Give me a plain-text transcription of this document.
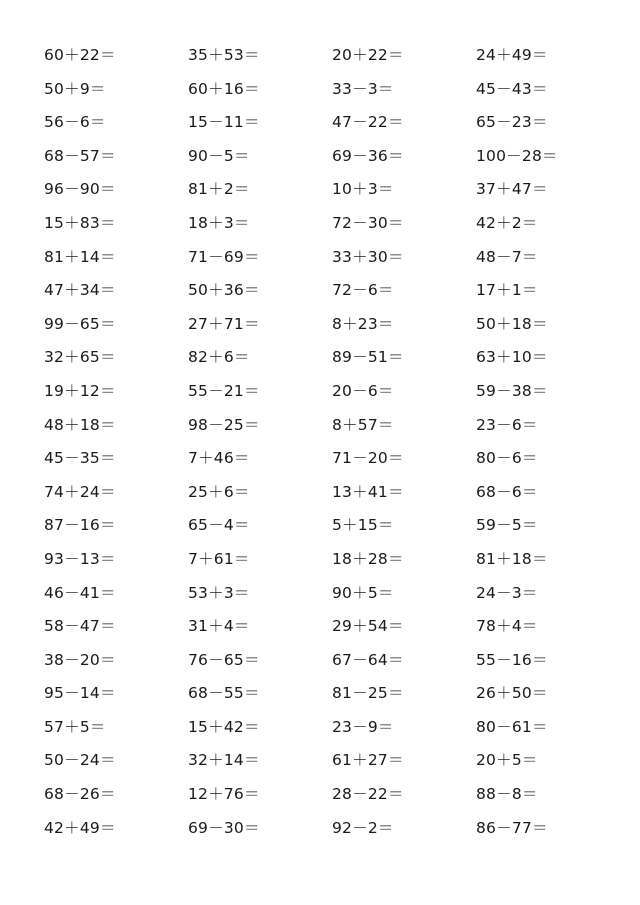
60＋22＝	35＋53＝	20＋22＝	24＋49＝
50＋9＝	60＋16＝	33－3＝	45－43＝
56－6＝	15－11＝	47－22＝	65－23＝
68－57＝	90－5＝	69－36＝	100－28＝
96－90＝	81＋2＝	10＋3＝	37＋47＝
15＋83＝	18＋3＝	72－30＝	42＋2＝
81＋14＝	71－69＝	33＋30＝	48－7＝
47＋34＝	50＋36＝	72－6＝	17＋1＝
99－65＝	27＋71＝	8＋23＝	50＋18＝
32＋65＝	82＋6＝	89－51＝	63＋10＝
19＋12＝	55－21＝	20－6＝	59－38＝
48＋18＝	98－25＝	8＋57＝	23－6＝
45－35＝	7＋46＝	71－20＝	80－6＝
74＋24＝	25＋6＝	13＋41＝	68－6＝
87－16＝	65－4＝	5＋15＝	59－5＝
93－13＝	7＋61＝	18＋28＝	81＋18＝
46－41＝	53＋3＝	90＋5＝	24－3＝
58－47＝	31＋4＝	29＋54＝	78＋4＝
38－20＝	76－65＝	67－64＝	55－16＝
95－14＝	68－55＝	81－25＝	26＋50＝
57＋5＝	15＋42＝	23－9＝	80－61＝
50－24＝	32＋14＝	61＋27＝	20＋5＝
68－26＝	12＋76＝	28－22＝	88－8＝
42＋49＝	69－30＝	92－2＝	86－77＝
